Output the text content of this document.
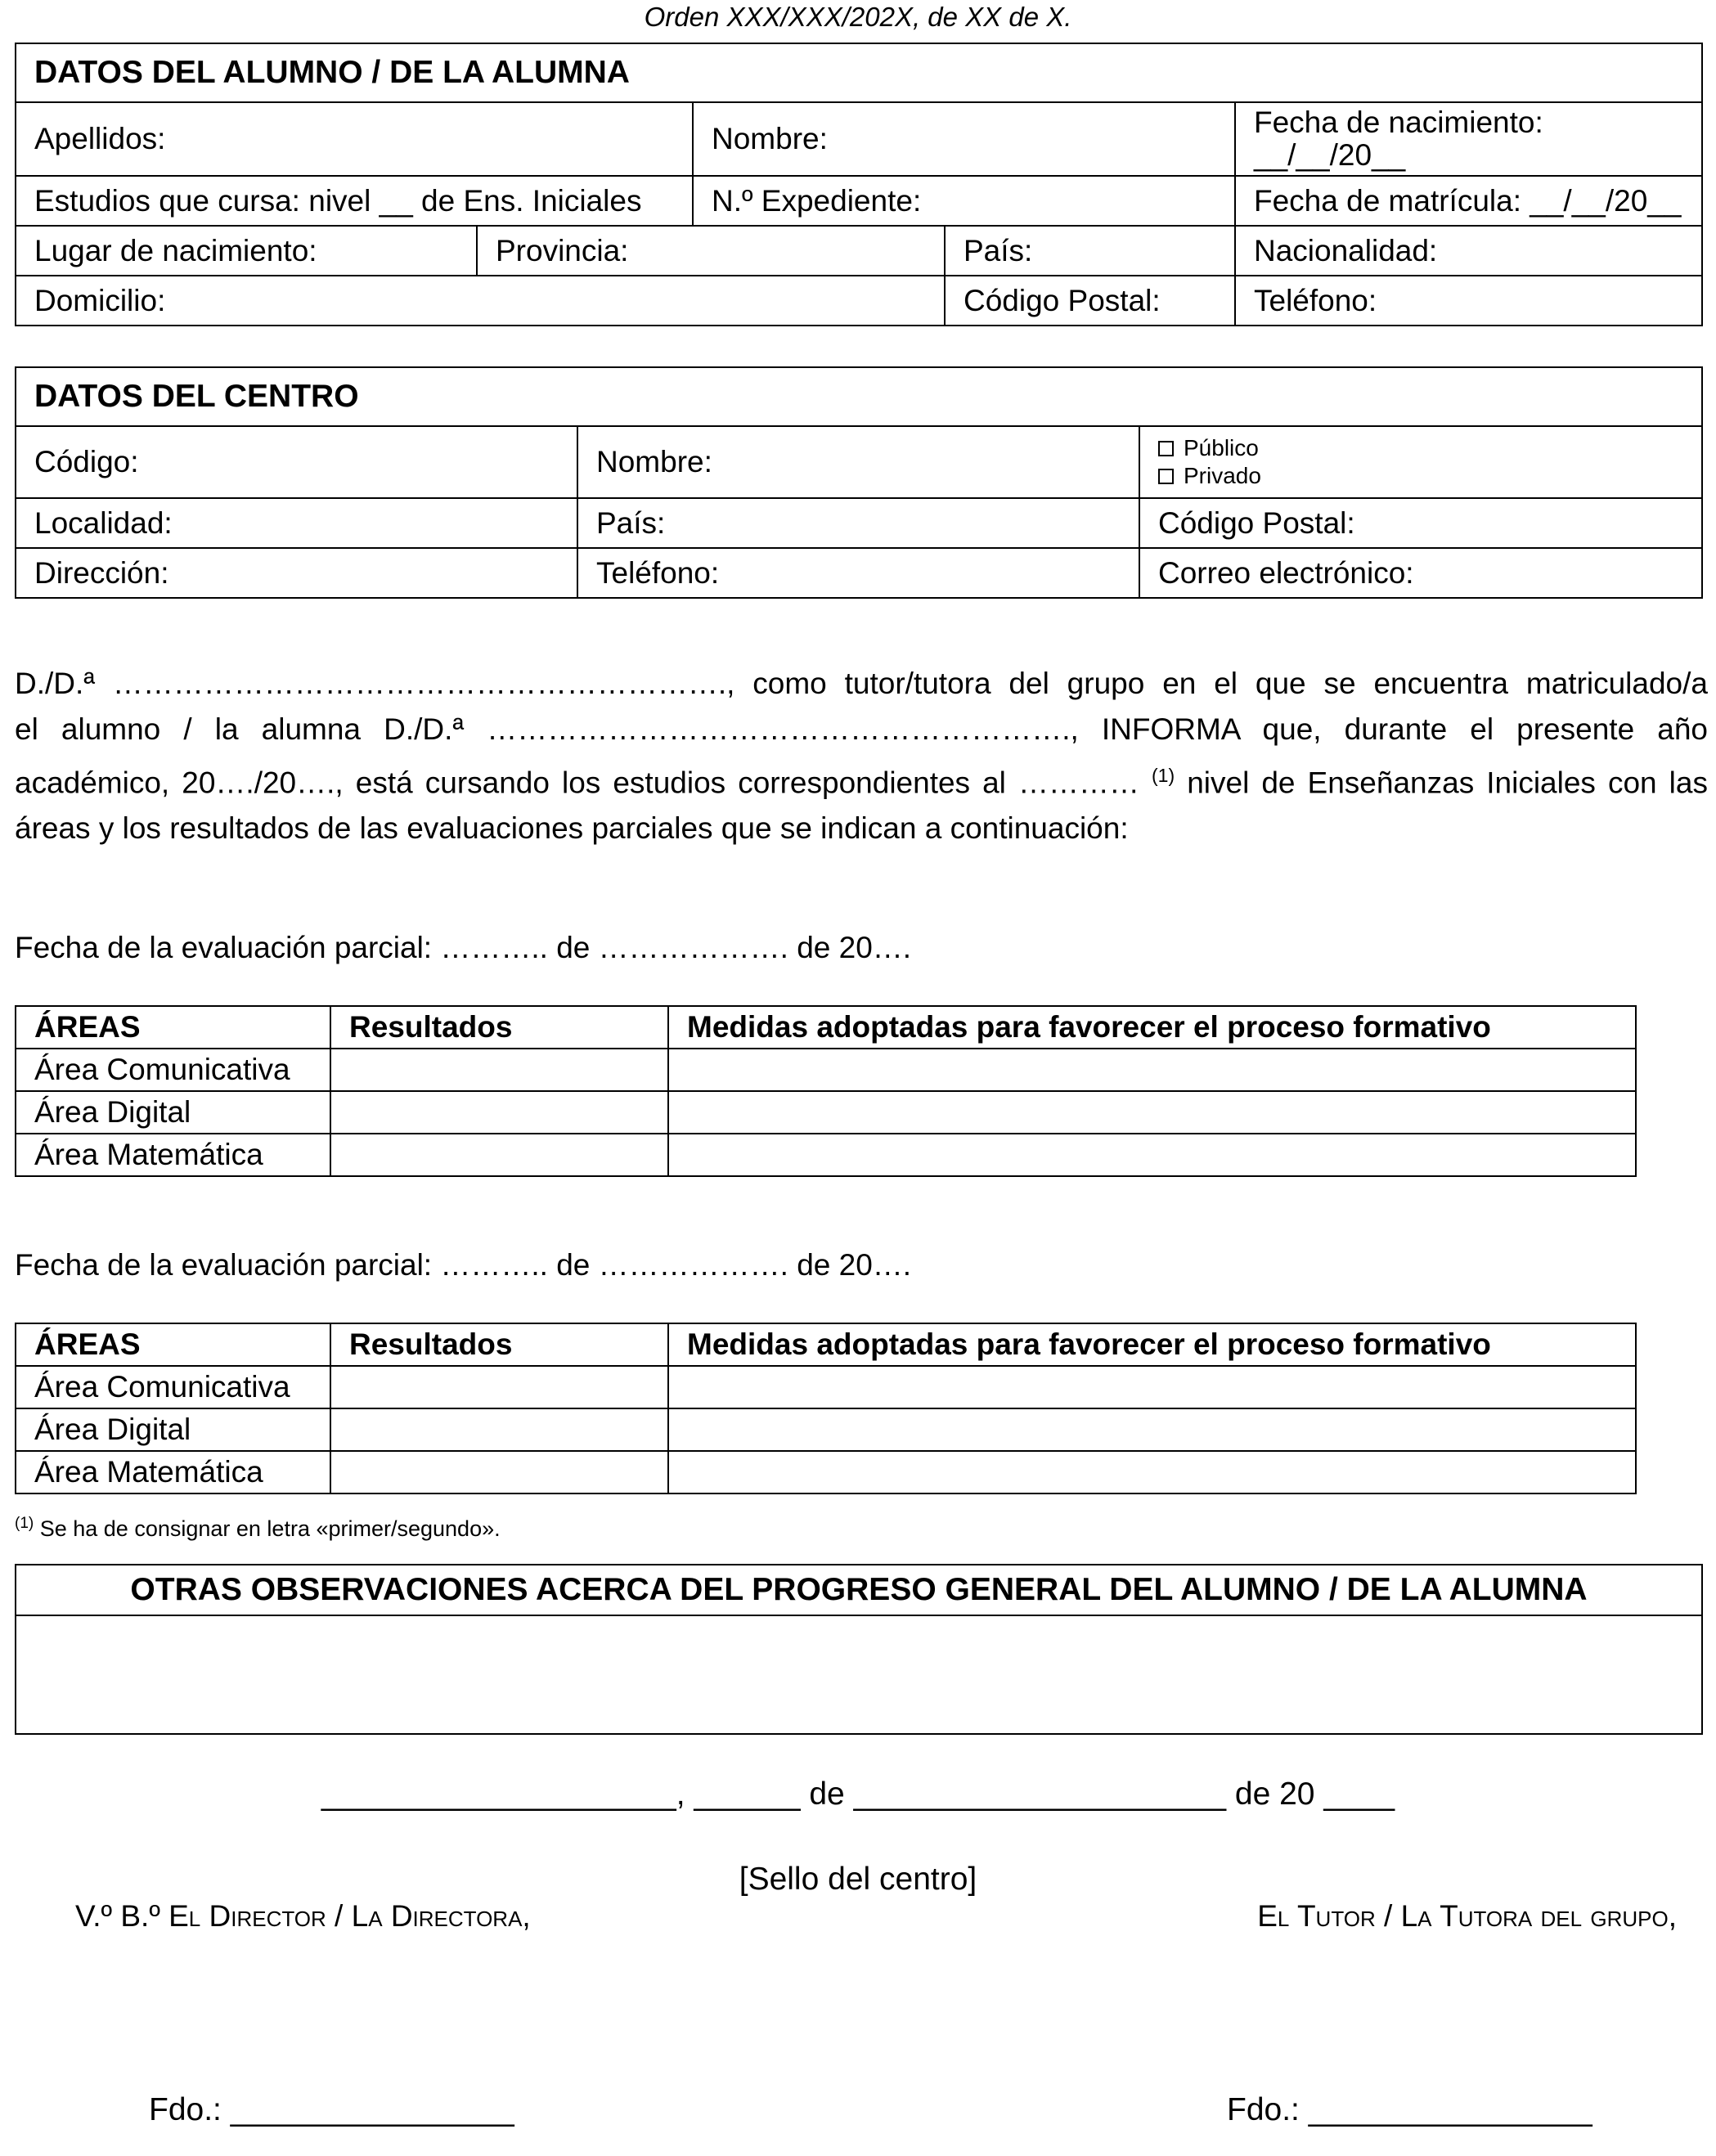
Orden XXX/XXX/202X, de XX de X.
DATOS DEL ALUMNO / DE LA ALUMNA				
Apellidos:		Nombre:		Fecha de nacimiento:
__/__/20__

Estudios que cursa: nivel __ de Ens. Iniciales		N.º Expediente:		Fecha de matrícula: __/__/20__
Lugar de nacimiento:	Provincia:		País:	Nacionalidad:
Domicilio:			Código Postal:	Teléfono:
DATOS DEL CENTRO		
Código:	Nombre:	Público
Privado

Localidad:	País:	Código Postal:
Dirección:	Teléfono:	Correo electrónico:
D./D.ª ……………………………………………………., como tutor/tutora del grupo en el que se encuentra matriculado/a
el alumno / la alumna D./D.ª …………………………………………………., INFORMA que, durante el presente año
académico, 20…./20…., está cursando los estudios correspondientes al ………… $^{(1)}$ nivel de Enseñanzas Iniciales con las
áreas y los resultados de las evaluaciones parciales que se indican a continuación:
Fecha de la evaluación parcial: ……….. de ………………. de 20….
ÁREAS	Resultados	Medidas adoptadas para favorecer el proceso formativo
Área Comunicativa		
Área Digital		
Área Matemática		
Fecha de la evaluación parcial: ……….. de ………………. de 20….
ÁREAS	Resultados	Medidas adoptadas para favorecer el proceso formativo
Área Comunicativa		
Área Digital		
Área Matemática		
$^{(1)}$ Se ha de consignar en letra «primer/segundo».
OTRAS OBSERVACIONES ACERCA DEL PROGRESO GENERAL DEL ALUMNO / DE LA ALUMNA

____________________, ______ de _____________________ de 20 ____
[Sello del centro]
V.º B.º El Director / La Directora,	El Tutor / La Tutora del grupo,
Fdo.: ________________	Fdo.: ________________
